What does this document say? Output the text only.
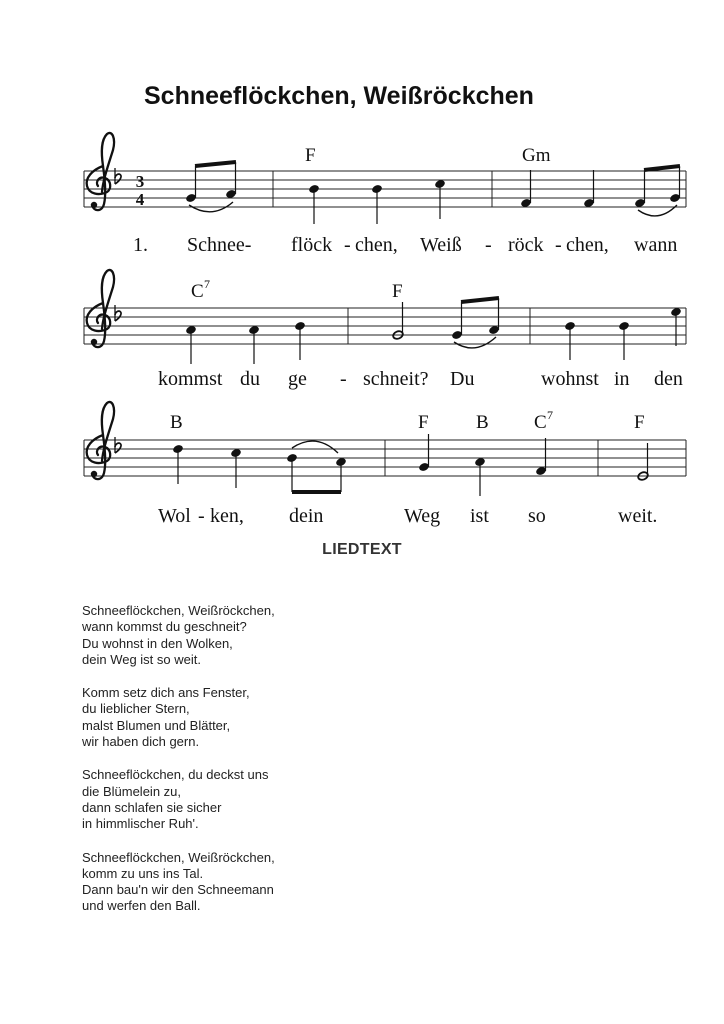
Schneeflöckchen, Weißröckchen
3
4
F	Gm
1. Schnee- flöck - chen, Weiß - röck - chen, wann
C 7	F
kommst du ge - schneit? Du	wohnst in den
B	F B C 7	F
Wol - ken, dein	Weg ist so	weit.
LIEDTEXT
Schneeflöckchen, Weißröckchen,
wann kommst du geschneit?
Du wohnst in den Wolken,
dein Weg ist so weit.
Komm setz dich ans Fenster,
du lieblicher Stern,
malst Blumen und Blätter,
wir haben dich gern.
Schneeflöckchen, du deckst uns
die Blümelein zu,
dann schlafen sie sicher
in himmlischer Ruh'.
Schneeflöckchen, Weißröckchen,
komm zu uns ins Tal.
Dann bau'n wir den Schneemann
und werfen den Ball.
